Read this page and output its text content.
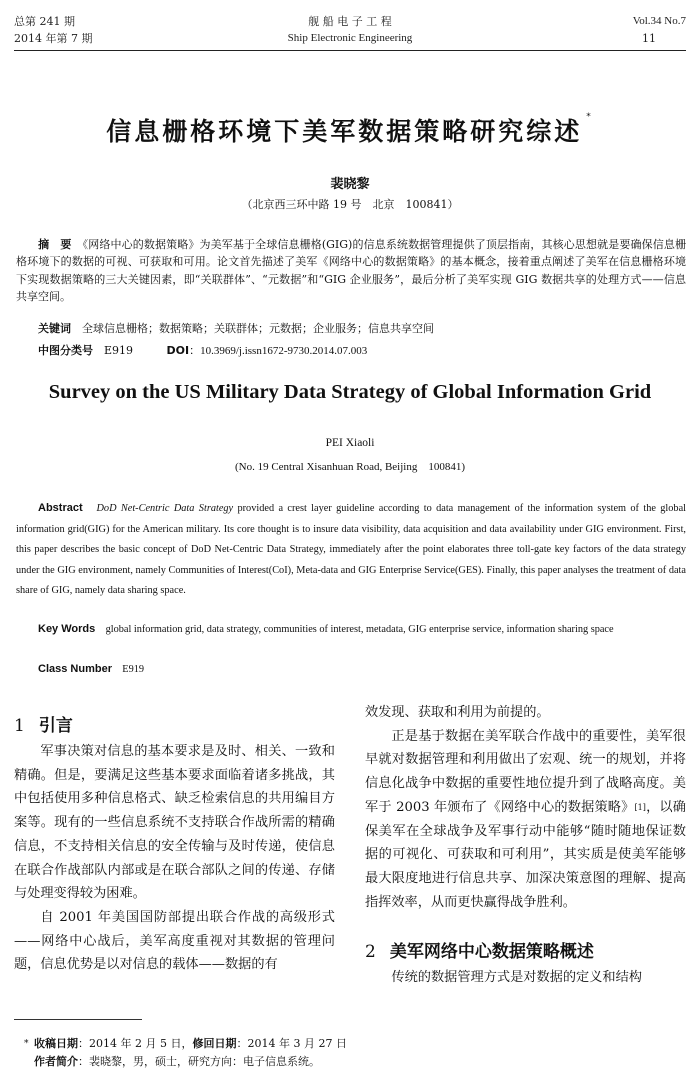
总第 241 期
2014 年第 7 期
舰 船 电 子 工 程
Ship Electronic Engineering
Vol.34 No.7
11
信息栅格环境下美军数据策略研究综述 *
裴晓黎
（北京西三环中路 19 号　北京　100841）
摘　要　 《网络中心的数据策略》为美军基于全球信息栅格(GIG)的信息系统数据管理提供了顶层指南，其核心思想就是要确保信息栅格环境下的数据的可视、可获取和可用。论文首先描述了美军《网络中心的数据策略》的基本概念，接着重点阐述了美军在信息栅格环境下实现数据策略的三大关键因素，即“关联群体”、“元数据”和“GIG 企业服务”，最后分析了美军实现 GIG 数据共享的处理方式——信息共享空间。
关键词　 全球信息栅格；数据策略；关联群体；元数据；企业服务；信息共享空间
中图分类号　 E919	DOI：10.3969/j.issn1672-9730.2014.07.003
Survey on the US Military Data Strategy of Global Information Grid
PEI Xiaoli
(No. 19 Central Xisanhuan Road, Beijing　100841)
Abstract　 DoD Net-Centric Data Strategy provided a crest layer guideline according to data management of the information system of the global information grid(GIG) for the American military. Its core thought is to insure data visibility, data acquisition and data availability under GIG environment. First, this paper describes the basic concept of DoD Net-Centric Data Strategy, immediately after the point elaborates three toll-gate key factors of the data strategy under the GIG environment, namely Communities of Interest(CoI), Meta-data and GIG Enterprise Service(GES). Finally, this paper analyses the treatment of data share of GIG, namely data sharing space.
Key Words　 global information grid, data strategy, communities of interest, metadata, GIG enterprise service, information sharing space
Class Number　 E919
1 引言

军事决策对信息的基本要求是及时、相关、一致和精确。但是，要满足这些基本要求面临着诸多挑战，其中包括使用多种信息格式、缺乏检索信息的共用编目方案等。现有的一些信息系统不支持联合作战所需的精确信息，不支持相关信息的安全传输与及时传递，使信息在联合作战部队内部或是在联合部队之间的传递、存储与处理变得较为困难。

自 2001 年美国国防部提出联合作战的高级形式——网络中心战后，美军高度重视对其数据的管理问题，信息优势是以对信息的载体——数据的有

效发现、获取和利用为前提的。

正是基于数据在美军联合作战中的重要性，美军很早就对数据管理和利用做出了宏观、统一的规划，并将信息化战争中数据的重要性地位提升到了战略高度。美军于 2003 年颁布了《网络中心的数据策略》[1]，以确保美军在全球战争及军事行动中能够“随时随地保证数据的可视化、可获取和可利用”，其实质是使美军能够最大限度地进行信息共享、加深决策意图的理解、提高指挥效率，从而更快赢得战争胜利。

2 美军网络中心数据策略概述

传统的数据管理方式是对数据的定义和结构

* 收稿日期：2014 年 2 月 5 日，修回日期：2014 年 3 月 27 日
作者简介：裴晓黎，男，硕士，研究方向：电子信息系统。
